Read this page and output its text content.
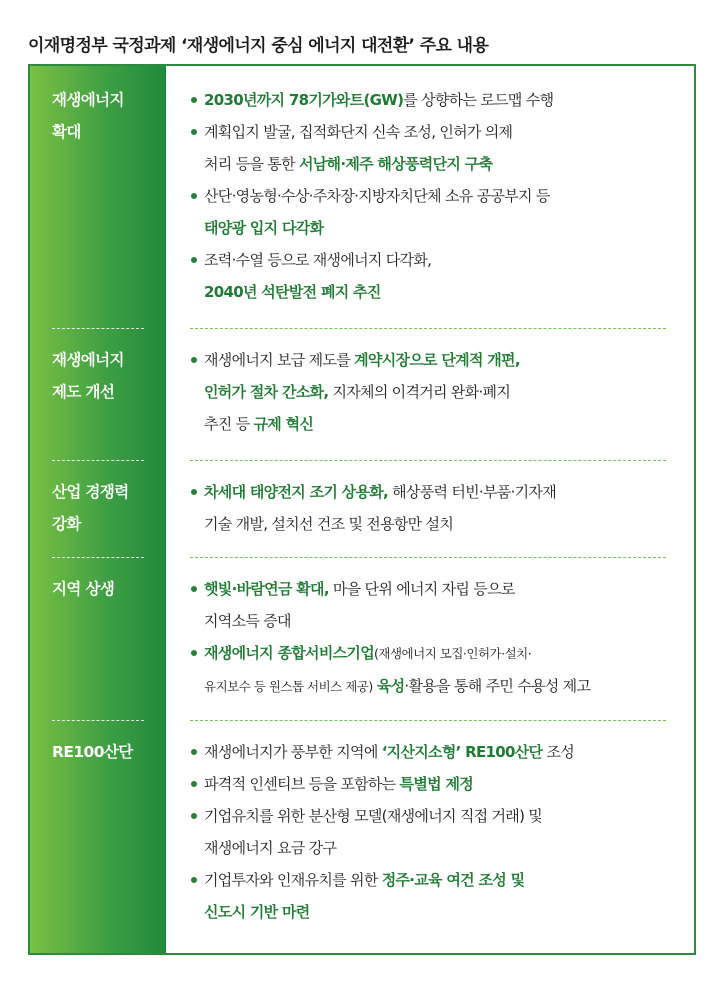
이재명정부 국정과제 ‘재생에너지 중심 에너지 대전환’ 주요 내용
재생에너지
확대
재생에너지
제도 개선
산업 경쟁력
강화
지역 상생
RE100산단
2030년까지 78기가와트(GW)를 상향하는 로드맵 수행
계획입지 발굴, 집적화단지 신속 조성, 인허가 의제
처리 등을 통한 서남해·제주 해상풍력단지 구축
산단·영농형·수상·주차장·지방자치단체 소유 공공부지 등
태양광 입지 다각화
조력·수열 등으로 재생에너지 다각화,
2040년 석탄발전 폐지 추진
재생에너지 보급 제도를 계약시장으로 단계적 개편,
인허가 절차 간소화, 지자체의 이격거리 완화·폐지
추진 등 규제 혁신
차세대 태양전지 조기 상용화, 해상풍력 터빈·부품·기자재
기술 개발, 설치선 건조 및 전용항만 설치
햇빛·바람연금 확대, 마을 단위 에너지 자립 등으로
지역소득 증대
재생에너지 종합서비스기업(재생에너지 모집·인허가·설치·
유지보수 등 원스톱 서비스 제공) 육성·활용을 통해 주민 수용성 제고
재생에너지가 풍부한 지역에 ‘지산지소형’ RE100산단 조성
파격적 인센티브 등을 포함하는 특별법 제정
기업유치를 위한 분산형 모델(재생에너지 직접 거래) 및
재생에너지 요금 강구
기업투자와 인재유치를 위한 정주·교육 여건 조성 및
신도시 기반 마련
